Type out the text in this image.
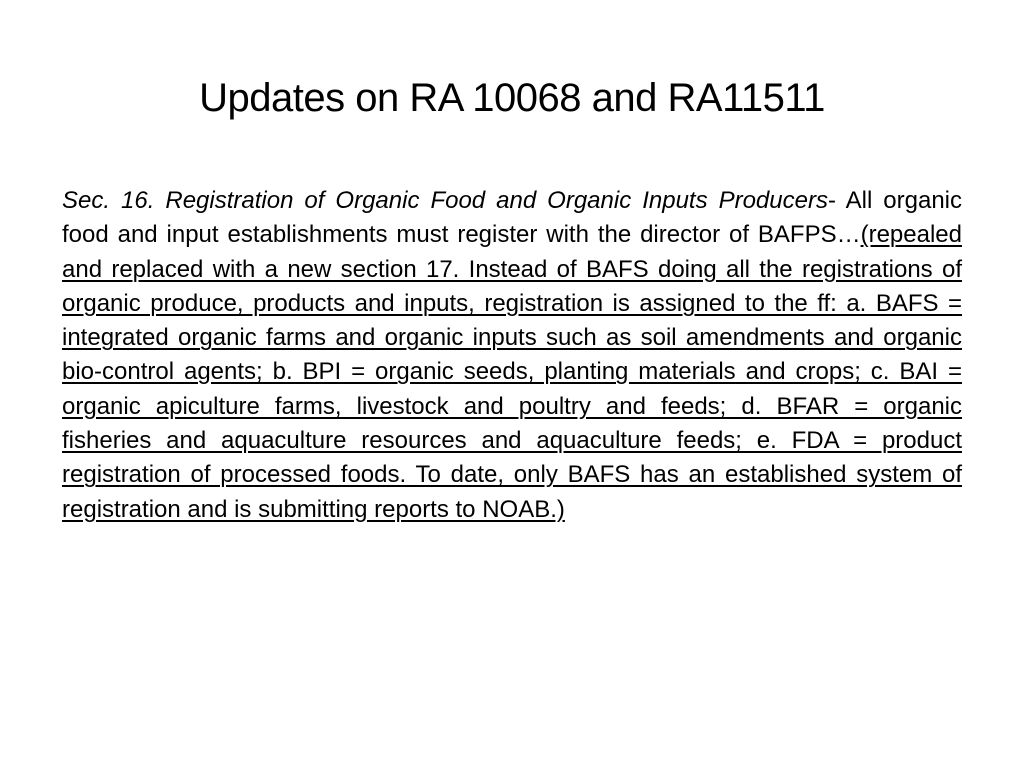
Updates on RA 10068 and RA11511

Sec. 16. Registration of Organic Food and Organic Inputs Producers- All organic food and input establishments must register with the director of BAFPS…(repealed and replaced with a new section 17. Instead of BAFS doing all the registrations of organic produce, products and inputs, registration is assigned to the ff: a. BAFS = integrated organic farms and organic inputs such as soil amendments and organic bio-control agents; b. BPI = organic seeds, planting materials and crops; c. BAI = organic apiculture farms, livestock and poultry and feeds; d. BFAR = organic fisheries and aquaculture resources and aquaculture feeds; e. FDA = product registration of processed foods. To date, only BAFS has an established system of registration and is submitting reports to NOAB.)
